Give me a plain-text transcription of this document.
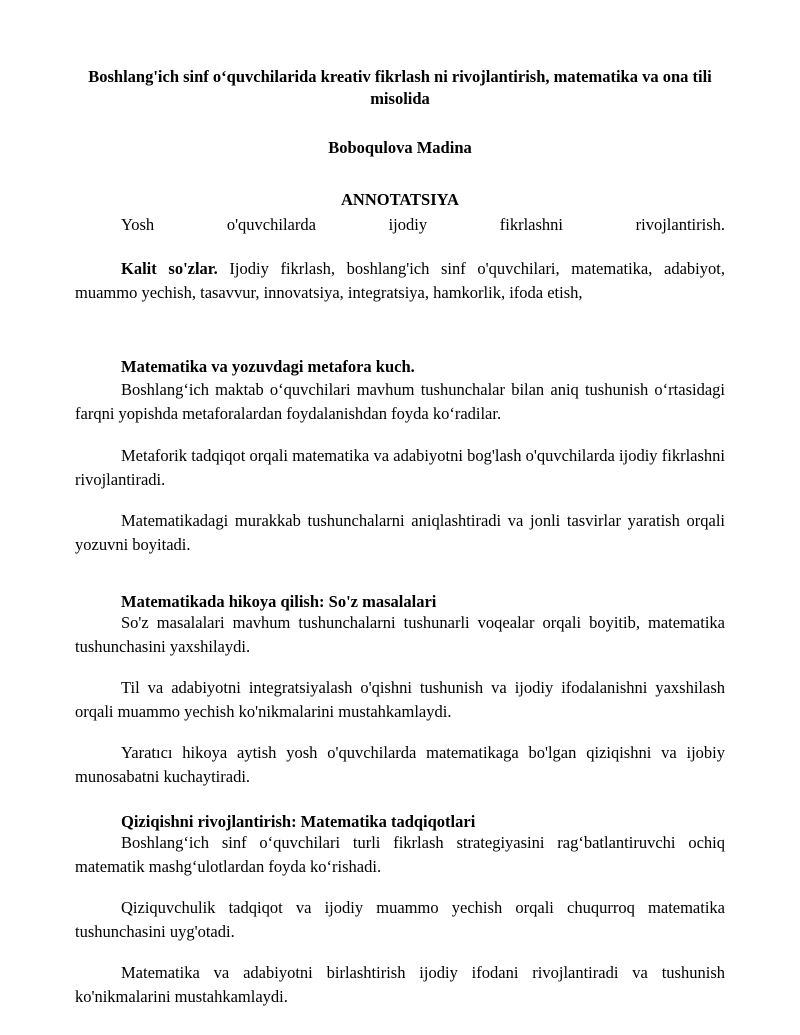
Boshlang'ich sinf o‘quvchilarida kreativ fikrlash ni rivojlantirish, matematika va ona tili misolida
Boboqulova Madina
ANNOTATSIYA

Yosh o'quvchilarda ijodiy fikrlashni rivojlantirish.

Kalit so'zlar. Ijodiy fikrlash, boshlang'ich sinf o'quvchilari, matematika, adabiyot, muammo yechish, tasavvur, innovatsiya, integratsiya, hamkorlik, ifoda etish,

Matematika va yozuvdagi metafora kuch.

Boshlang‘ich maktab o‘quvchilari mavhum tushunchalar bilan aniq tushunish o‘rtasidagi farqni yopishda metaforalardan foydalanishdan foyda ko‘radilar.

Metaforik tadqiqot orqali matematika va adabiyotni bog'lash o'quvchilarda ijodiy fikrlashni rivojlantiradi.

Matematikadagi murakkab tushunchalarni aniqlashtiradi va jonli tasvirlar yaratish orqali yozuvni boyitadi.

Matematikada hikoya qilish: So'z masalalari

So'z masalalari mavhum tushunchalarni tushunarli voqealar orqali boyitib, matematika tushunchasini yaxshilaydi.

Til va adabiyotni integratsiyalash o'qishni tushunish va ijodiy ifodalanishni yaxshilash orqali muammo yechish ko'nikmalarini mustahkamlaydi.

Yaratıcı hikoya aytish yosh o'quvchilarda matematikaga bo'lgan qiziqishni va ijobiy munosabatni kuchaytiradi.

Qiziqishni rivojlantirish: Matematika tadqiqotlari

Boshlang‘ich sinf o‘quvchilari turli fikrlash strategiyasini rag‘batlantiruvchi ochiq matematik mashg‘ulotlardan foyda ko‘rishadi.

Qiziquvchulik tadqiqot va ijodiy muammo yechish orqali chuqurroq matematika tushunchasini uyg'otadi.

Matematika va adabiyotni birlashtirish ijodiy ifodani rivojlantiradi va tushunish ko'nikmalarini mustahkamlaydi.
